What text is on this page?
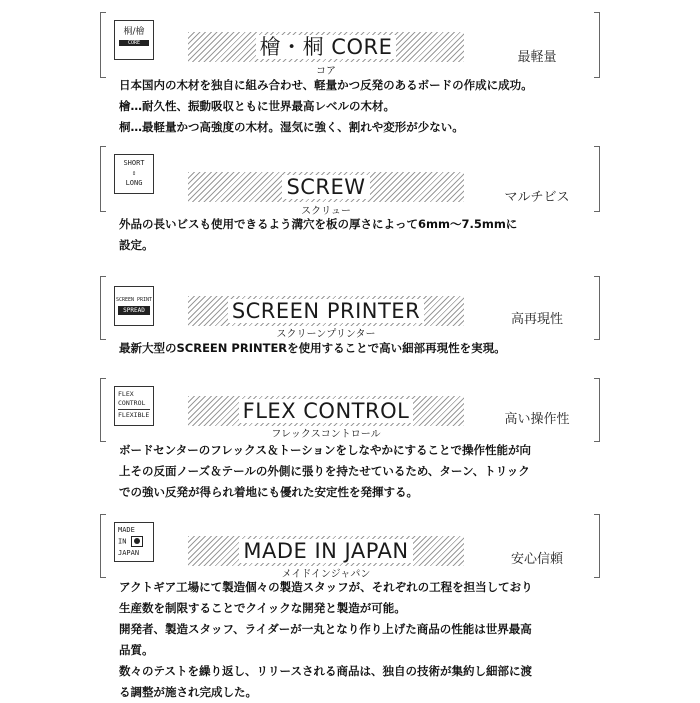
桐/檜
CORE	檜・桐 CORE
コア
最軽量

日本国内の木材を独自に組み合わせ、軽量かつ反発のあるボードの作成に成功。

檜…耐久性、振動吸収ともに世界最高レベルの木材。

桐…最軽量かつ高強度の木材。湿気に強く、割れや変形が少ない。

SHORT
⇕
LONG	SCREW
スクリュー
マルチビス

外品の長いビスも使用できるよう溝穴を板の厚さによって6mm～7.5mmに

設定。

SCREEN PRINT
SPREAD	SCREEN PRINTER
スクリーンプリンター
高再現性

最新大型のSCREEN PRINTERを使用することで高い細部再現性を実現。

FLEX
CONTROL
FLEXIBLE	FLEX CONTROL
フレックスコントロール
高い操作性

ボードセンターのフレックス＆トーションをしなやかにすることで操作性能が向

上その反面ノーズ＆テールの外側に張りを持たせているため、ターン、トリック

での強い反発が得られ着地にも優れた安定性を発揮する。

MADE
IN
JAPAN	MADE IN JAPAN
メイドインジャパン
安心信頼

アクトギア工場にて製造個々の製造スタッフが、それぞれの工程を担当しており

生産数を制限することでクイックな開発と製造が可能。

開発者、製造スタッフ、ライダーが一丸となり作り上げた商品の性能は世界最高

品質。

数々のテストを繰り返し、リリースされる商品は、独自の技術が集約し細部に渡

る調整が施され完成した。
